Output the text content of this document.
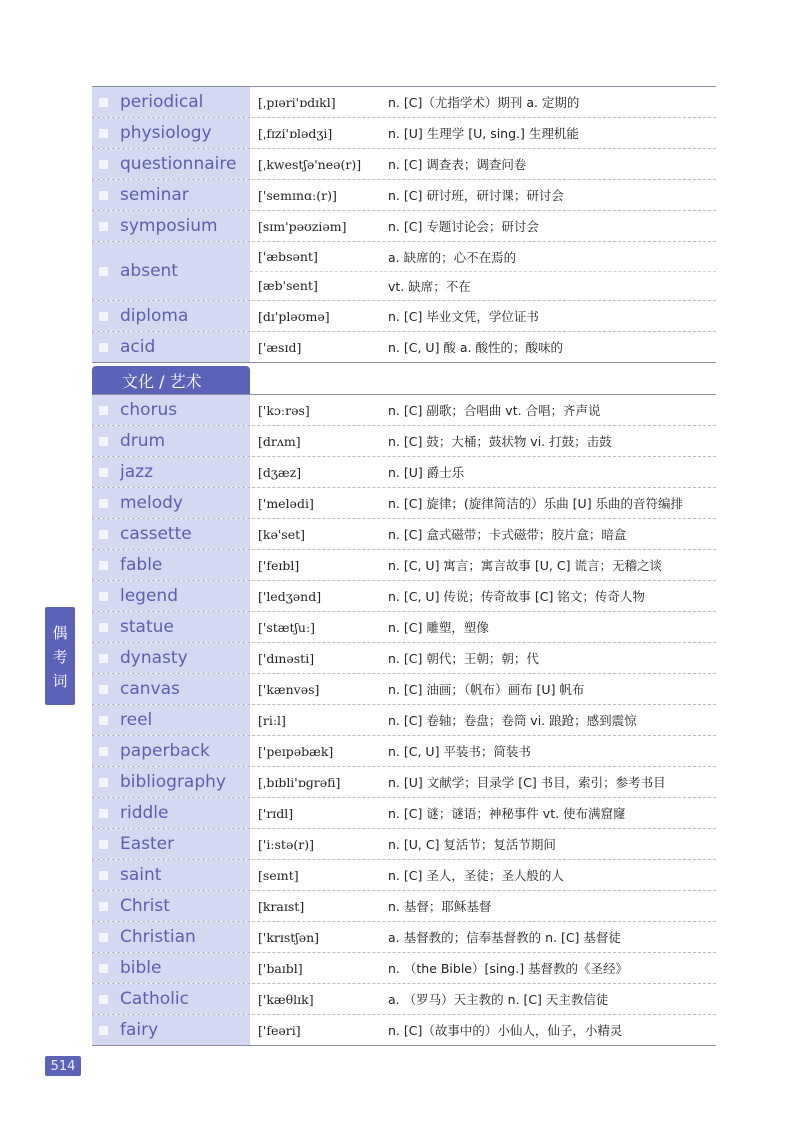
periodical	[ˌpɪəri'ɒdɪkl]	n. [C]（尤指学术）期刊 a. 定期的
physiology	[ˌfɪzi'ɒlədʒi]	n. [U] 生理学 [U, sing.] 生理机能
questionnaire	[ˌkwestʃə'neə(r)]	n. [C] 调查表；调查问卷
seminar	['semɪnɑː(r)]	n. [C] 研讨班，研讨课；研讨会
symposium	[sɪm'pəʊziəm]	n. [C] 专题讨论会；研讨会
absent
['æbsənt]	a. 缺席的；心不在焉的
[æb'sent]	vt. 缺席；不在
diploma	[dɪ'pləʊmə]	n. [C] 毕业文凭，学位证书
acid	['æsɪd]	n. [C, U] 酸 a. 酸性的；酸味的
文化 / 艺术
chorus	['kɔːrəs]	n. [C] 副歌；合唱曲 vt. 合唱；齐声说
drum	[drʌm]	n. [C] 鼓；大桶；鼓状物 vi. 打鼓；击鼓
jazz	[dʒæz]	n. [U] 爵士乐
melody	['melədi]	n. [C] 旋律；(旋律简洁的）乐曲 [U] 乐曲的音符编排
cassette	[kə'set]	n. [C] 盒式磁带；卡式磁带；胶片盒；暗盒
fable	['feɪbl]	n. [C, U] 寓言；寓言故事 [U, C] 谎言；无稽之谈
legend	['ledʒənd]	n. [C, U] 传说；传奇故事 [C] 铭文；传奇人物
statue	['stætʃuː]	n. [C] 雕塑，塑像
dynasty	['dɪnəsti]	n. [C] 朝代；王朝；朝；代
canvas	['kænvəs]	n. [C] 油画；（帆布）画布 [U] 帆布
reel	[riːl]	n. [C] 卷轴；卷盘；卷筒 vi. 踉跄；感到震惊
paperback	['peɪpəbæk]	n. [C, U] 平装书；简装书
bibliography	[ˌbɪbli'ɒɡrəfi]	n. [U] 文献学；目录学 [C] 书目，索引；参考书目
riddle	['rɪdl]	n. [C] 谜；谜语；神秘事件 vt. 使布满窟窿
Easter	['iːstə(r)]	n. [U, C] 复活节；复活节期间
saint	[seɪnt]	n. [C] 圣人，圣徒；圣人般的人
Christ	[kraɪst]	n. 基督；耶稣基督
Christian	['krɪstʃən]	a. 基督教的；信奉基督教的 n. [C] 基督徒
bible	['baɪbl]	n. （the Bible）[sing.] 基督教的《圣经》
Catholic	['kæθlɪk]	a. （罗马）天主教的 n. [C] 天主教信徒
fairy	['feəri]	n. [C]（故事中的）小仙人，仙子，小精灵
偶
考
词
514
